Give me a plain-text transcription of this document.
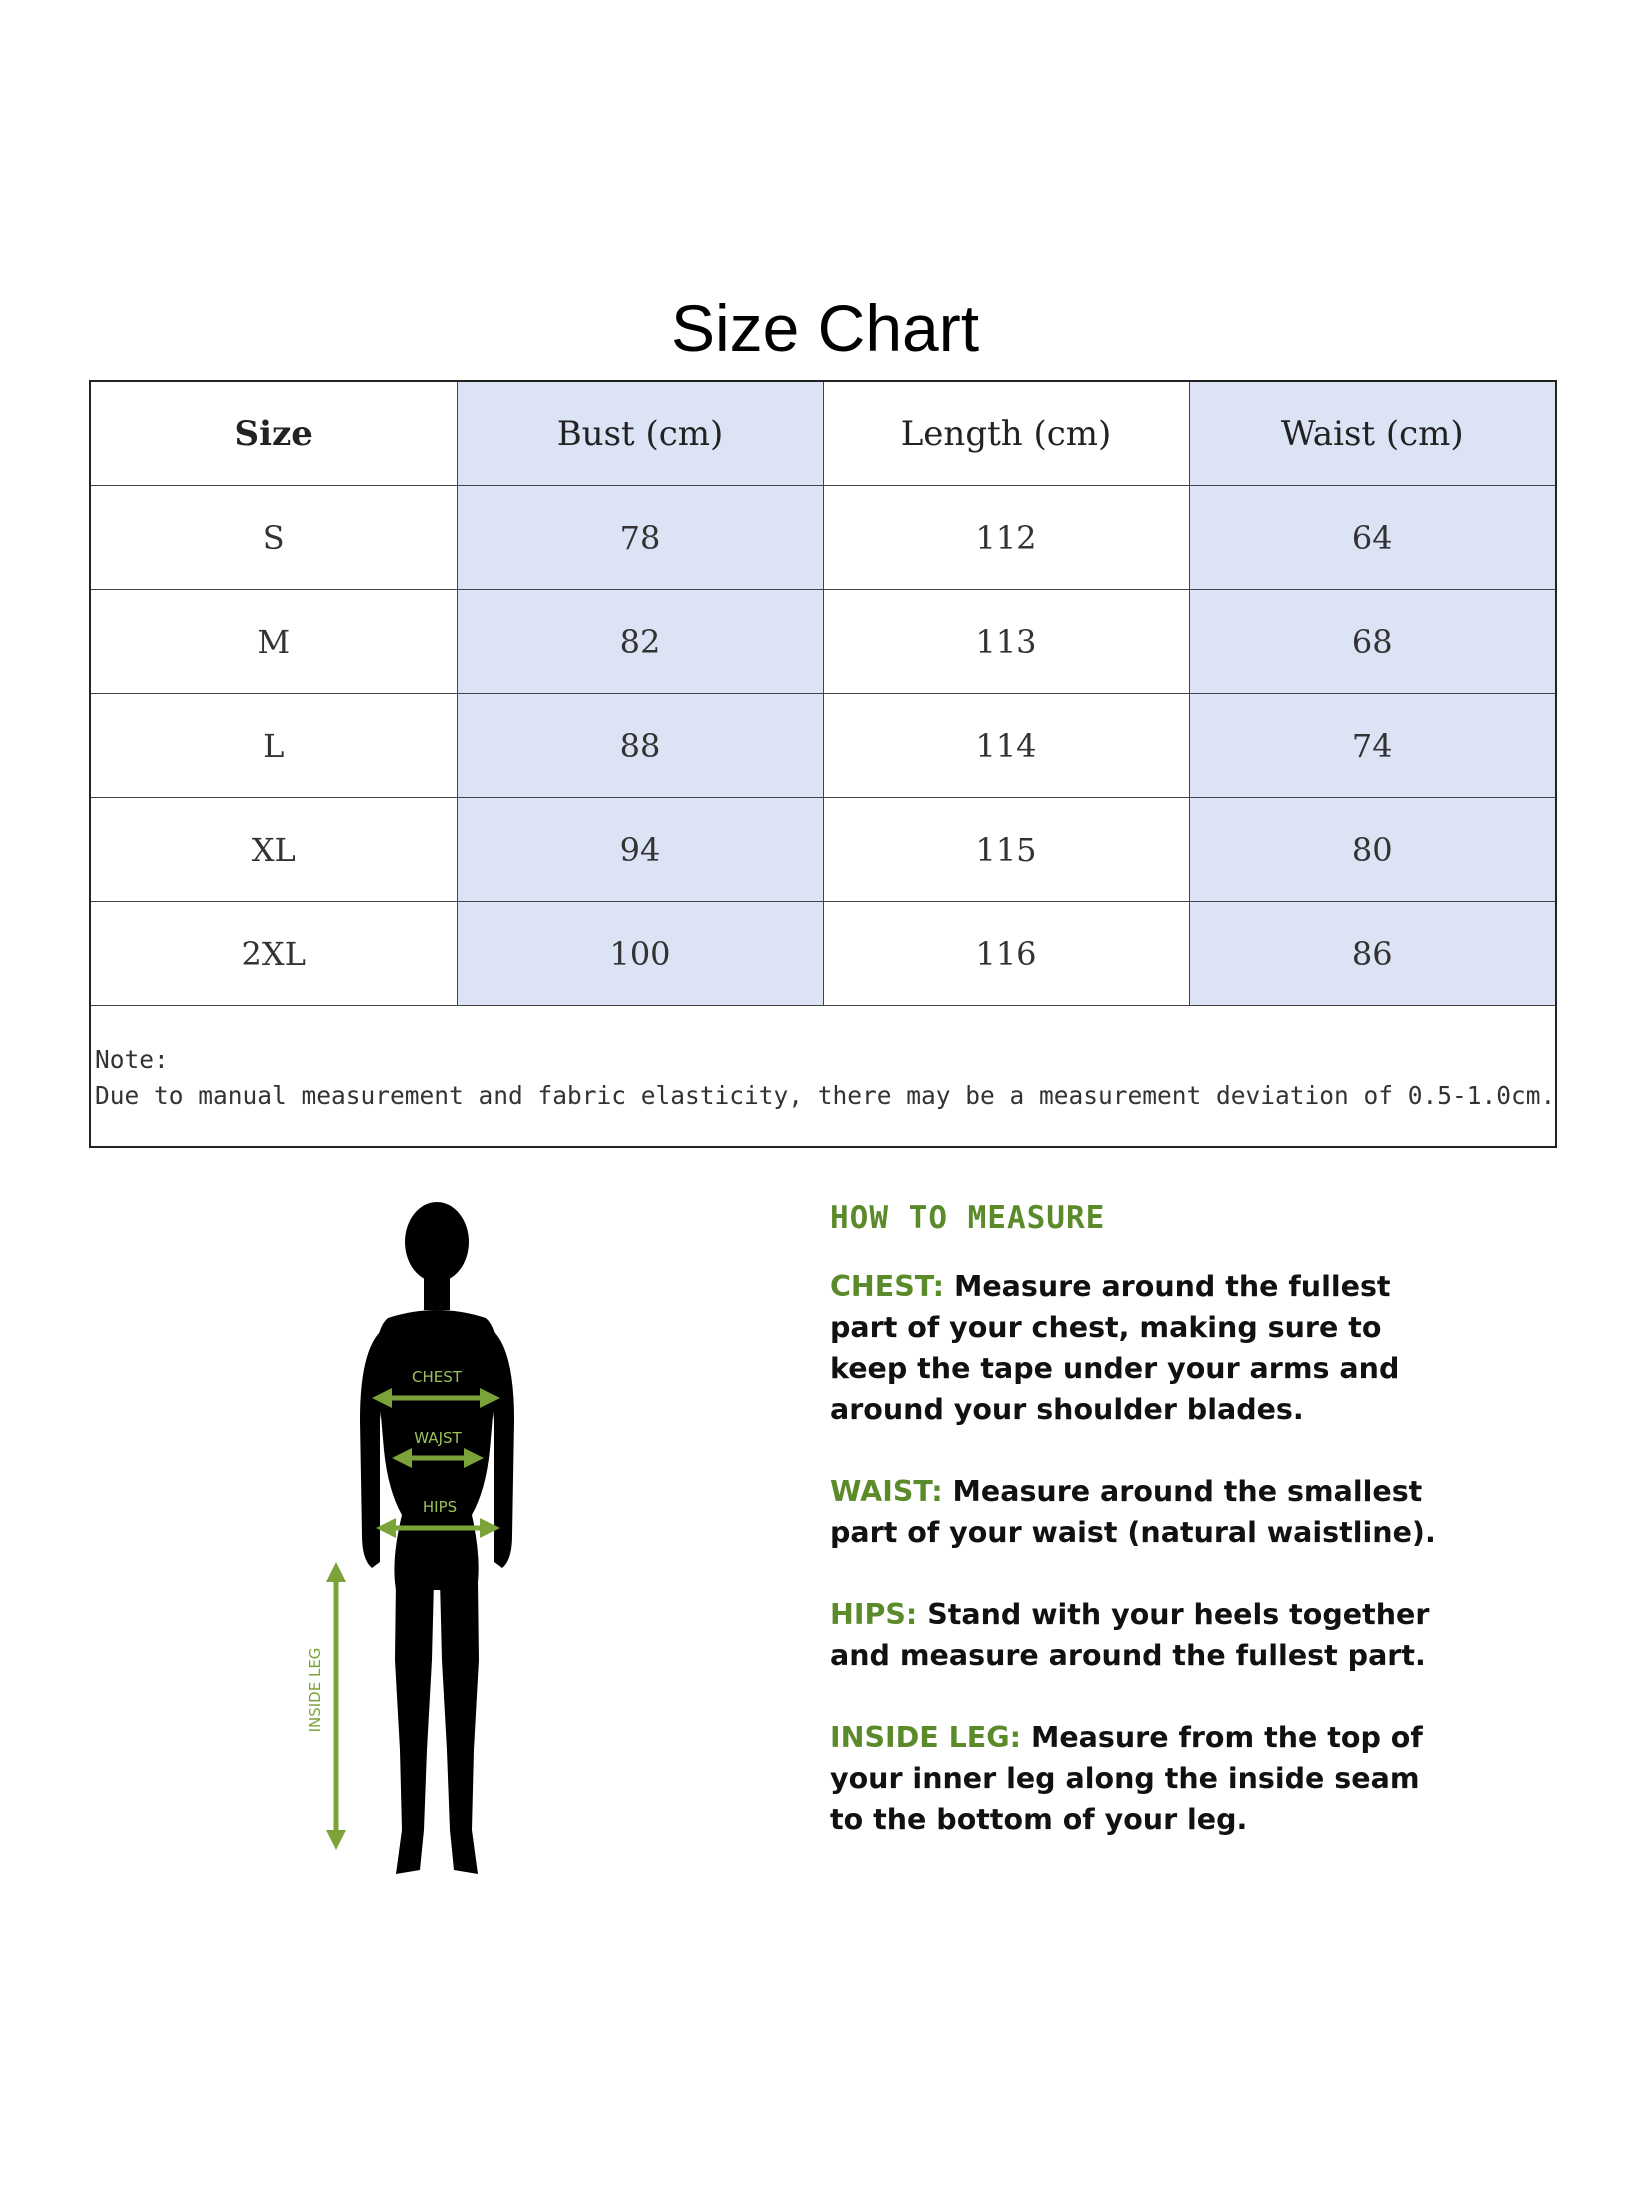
Size Chart
Size	Bust (cm)	Length (cm)	Waist (cm)
S	78	112	64
M	82	113	68
L	88	114	74
XL	94	115	80
2XL	100	116	86
Note:
Due to manual measurement and fabric elasticity, there may be a measurement deviation of 0.5-1.0cm.
CHEST
WAJST
HIPS
INSIDE LEG
HOW TO MEASURE
CHEST: Measure around the fullest part of your chest, making sure to keep the tape under your arms and around your shoulder blades.
WAIST: Measure around the smallest part of your waist (natural waistline).
HIPS: Stand with your heels together and measure around the fullest part.
INSIDE LEG: Measure from the top of your inner leg along the inside seam to the bottom of your leg.
